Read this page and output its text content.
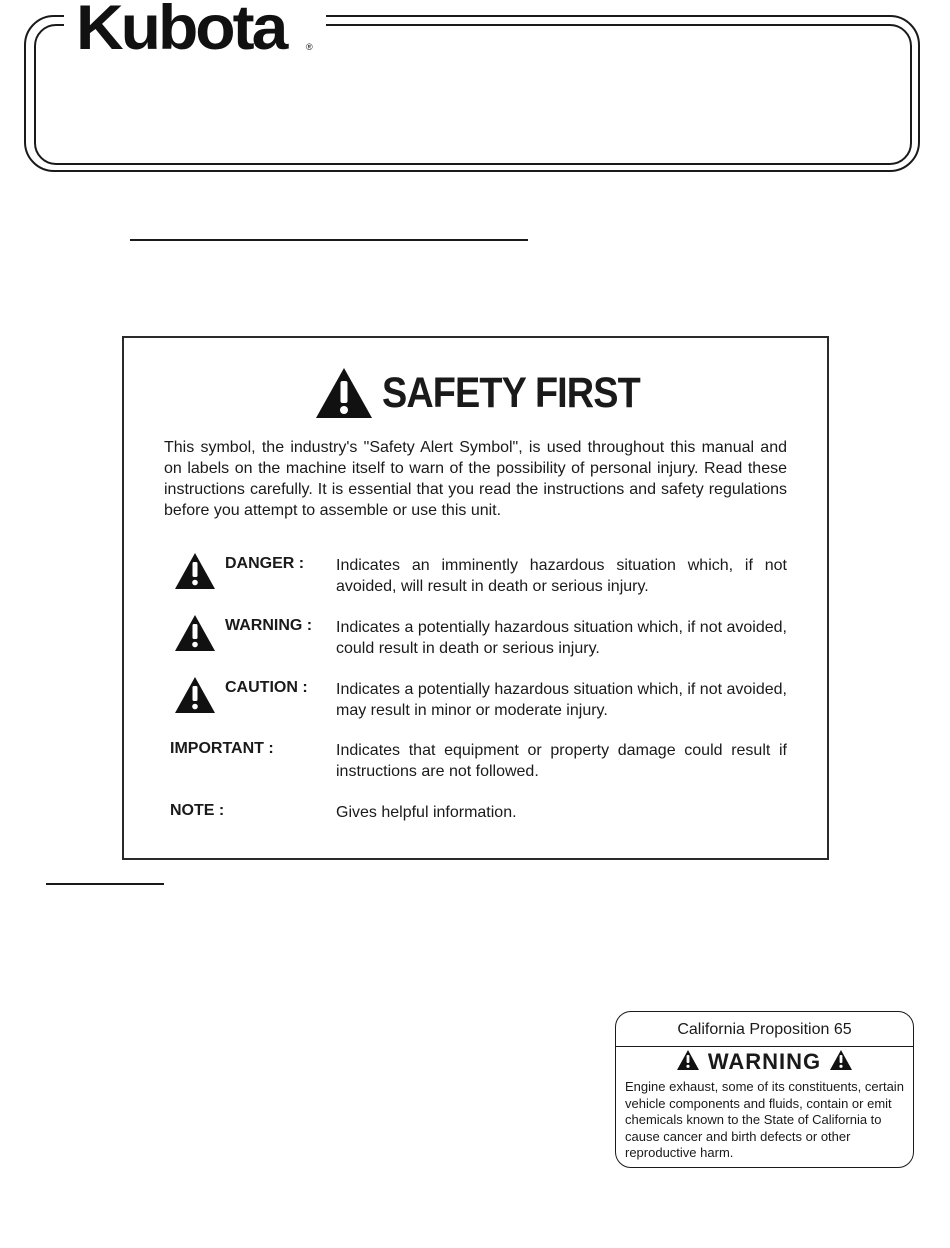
Kubota ®
SAFETY FIRST

This symbol, the industry's "Safety Alert Symbol", is used throughout this manual and on labels on the machine itself to warn of the possibility of personal injury. Read these instructions carefully. It is essential that you read the instructions and safety regulations before you attempt to assemble or use this unit.

DANGER : Indicates an imminently hazardous situation which, if not avoided, will result in death or serious injury.

WARNING : Indicates a potentially hazardous situation which, if not avoided, could result in death or serious injury.

CAUTION : Indicates a potentially hazardous situation which, if not avoided, may result in minor or moderate injury.

IMPORTANT :	Indicates that equipment or property damage could result if instructions are not followed.

NOTE :	Gives helpful information.

California Proposition 65
WARNING

Engine exhaust, some of its constituents, certain vehicle components and fluids, contain or emit chemicals known to the State of California to cause cancer and birth defects or other reproductive harm.
